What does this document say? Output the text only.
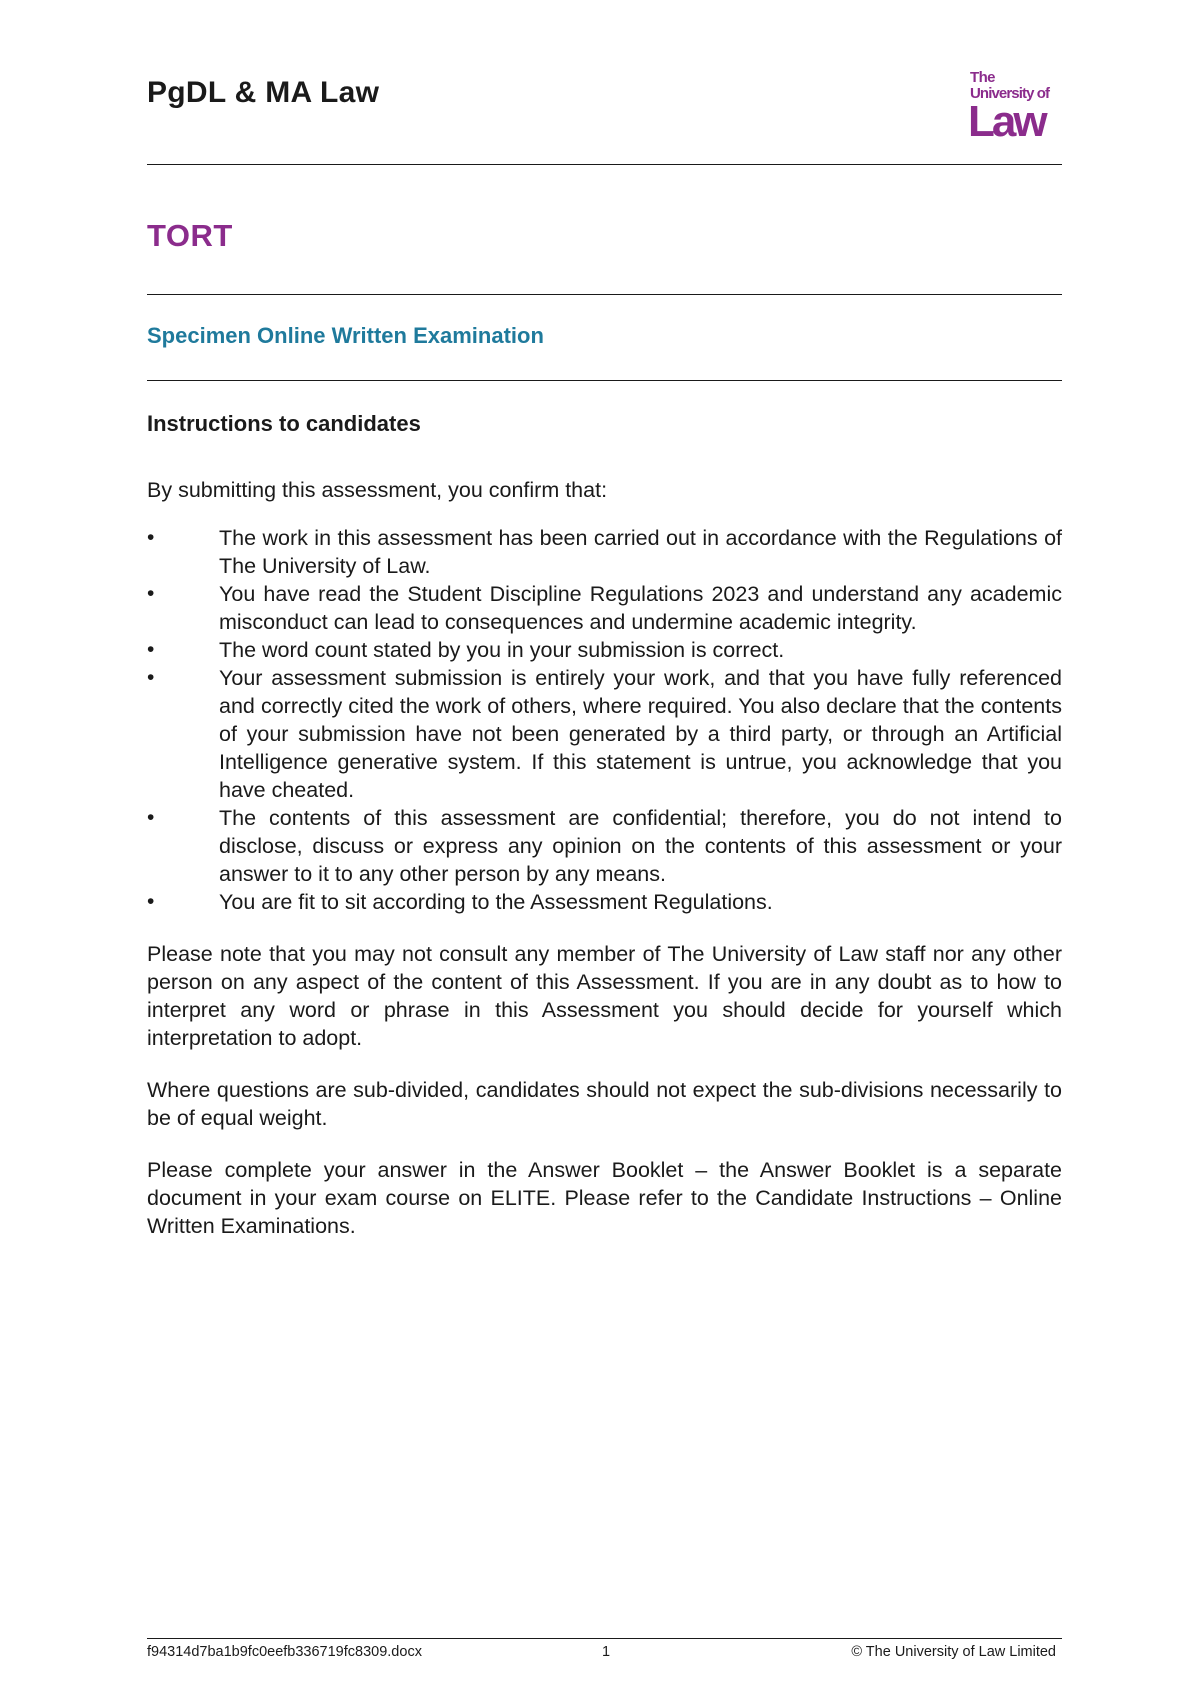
PgDL & MA Law	The
University of
Law
TORT
Specimen Online Written Examination
Instructions to candidates
By submitting this assessment, you confirm that:
•	The work in this assessment has been carried out in accordance with the Regulations of The University of Law.
•	You have read the Student Discipline Regulations 2023 and understand any academic misconduct can lead to consequences and undermine academic integrity.
•	The word count stated by you in your submission is correct.
•	Your assessment submission is entirely your work, and that you have fully referenced and correctly cited the work of others, where required. You also declare that the contents of your submission have not been generated by a third party, or through an Artificial Intelligence generative system. If this statement is untrue, you acknowledge that you have cheated.
•	The contents of this assessment are confidential; therefore, you do not intend to disclose, discuss or express any opinion on the contents of this assessment or your answer to it to any other person by any means.
•	You are fit to sit according to the Assessment Regulations.

Please note that you may not consult any member of The University of Law staff nor any other person on any aspect of the content of this Assessment. If you are in any doubt as to how to interpret any word or phrase in this Assessment you should decide for yourself which interpretation to adopt.

Where questions are sub-divided, candidates should not expect the sub-divisions necessarily to be of equal weight.

Please complete your answer in the Answer Booklet – the Answer Booklet is a separate document in your exam course on ELITE. Please refer to the Candidate Instructions – Online Written Examinations.

f94314d7ba1b9fc0eefb336719fc8309.docx	1	© The University of Law Limited
